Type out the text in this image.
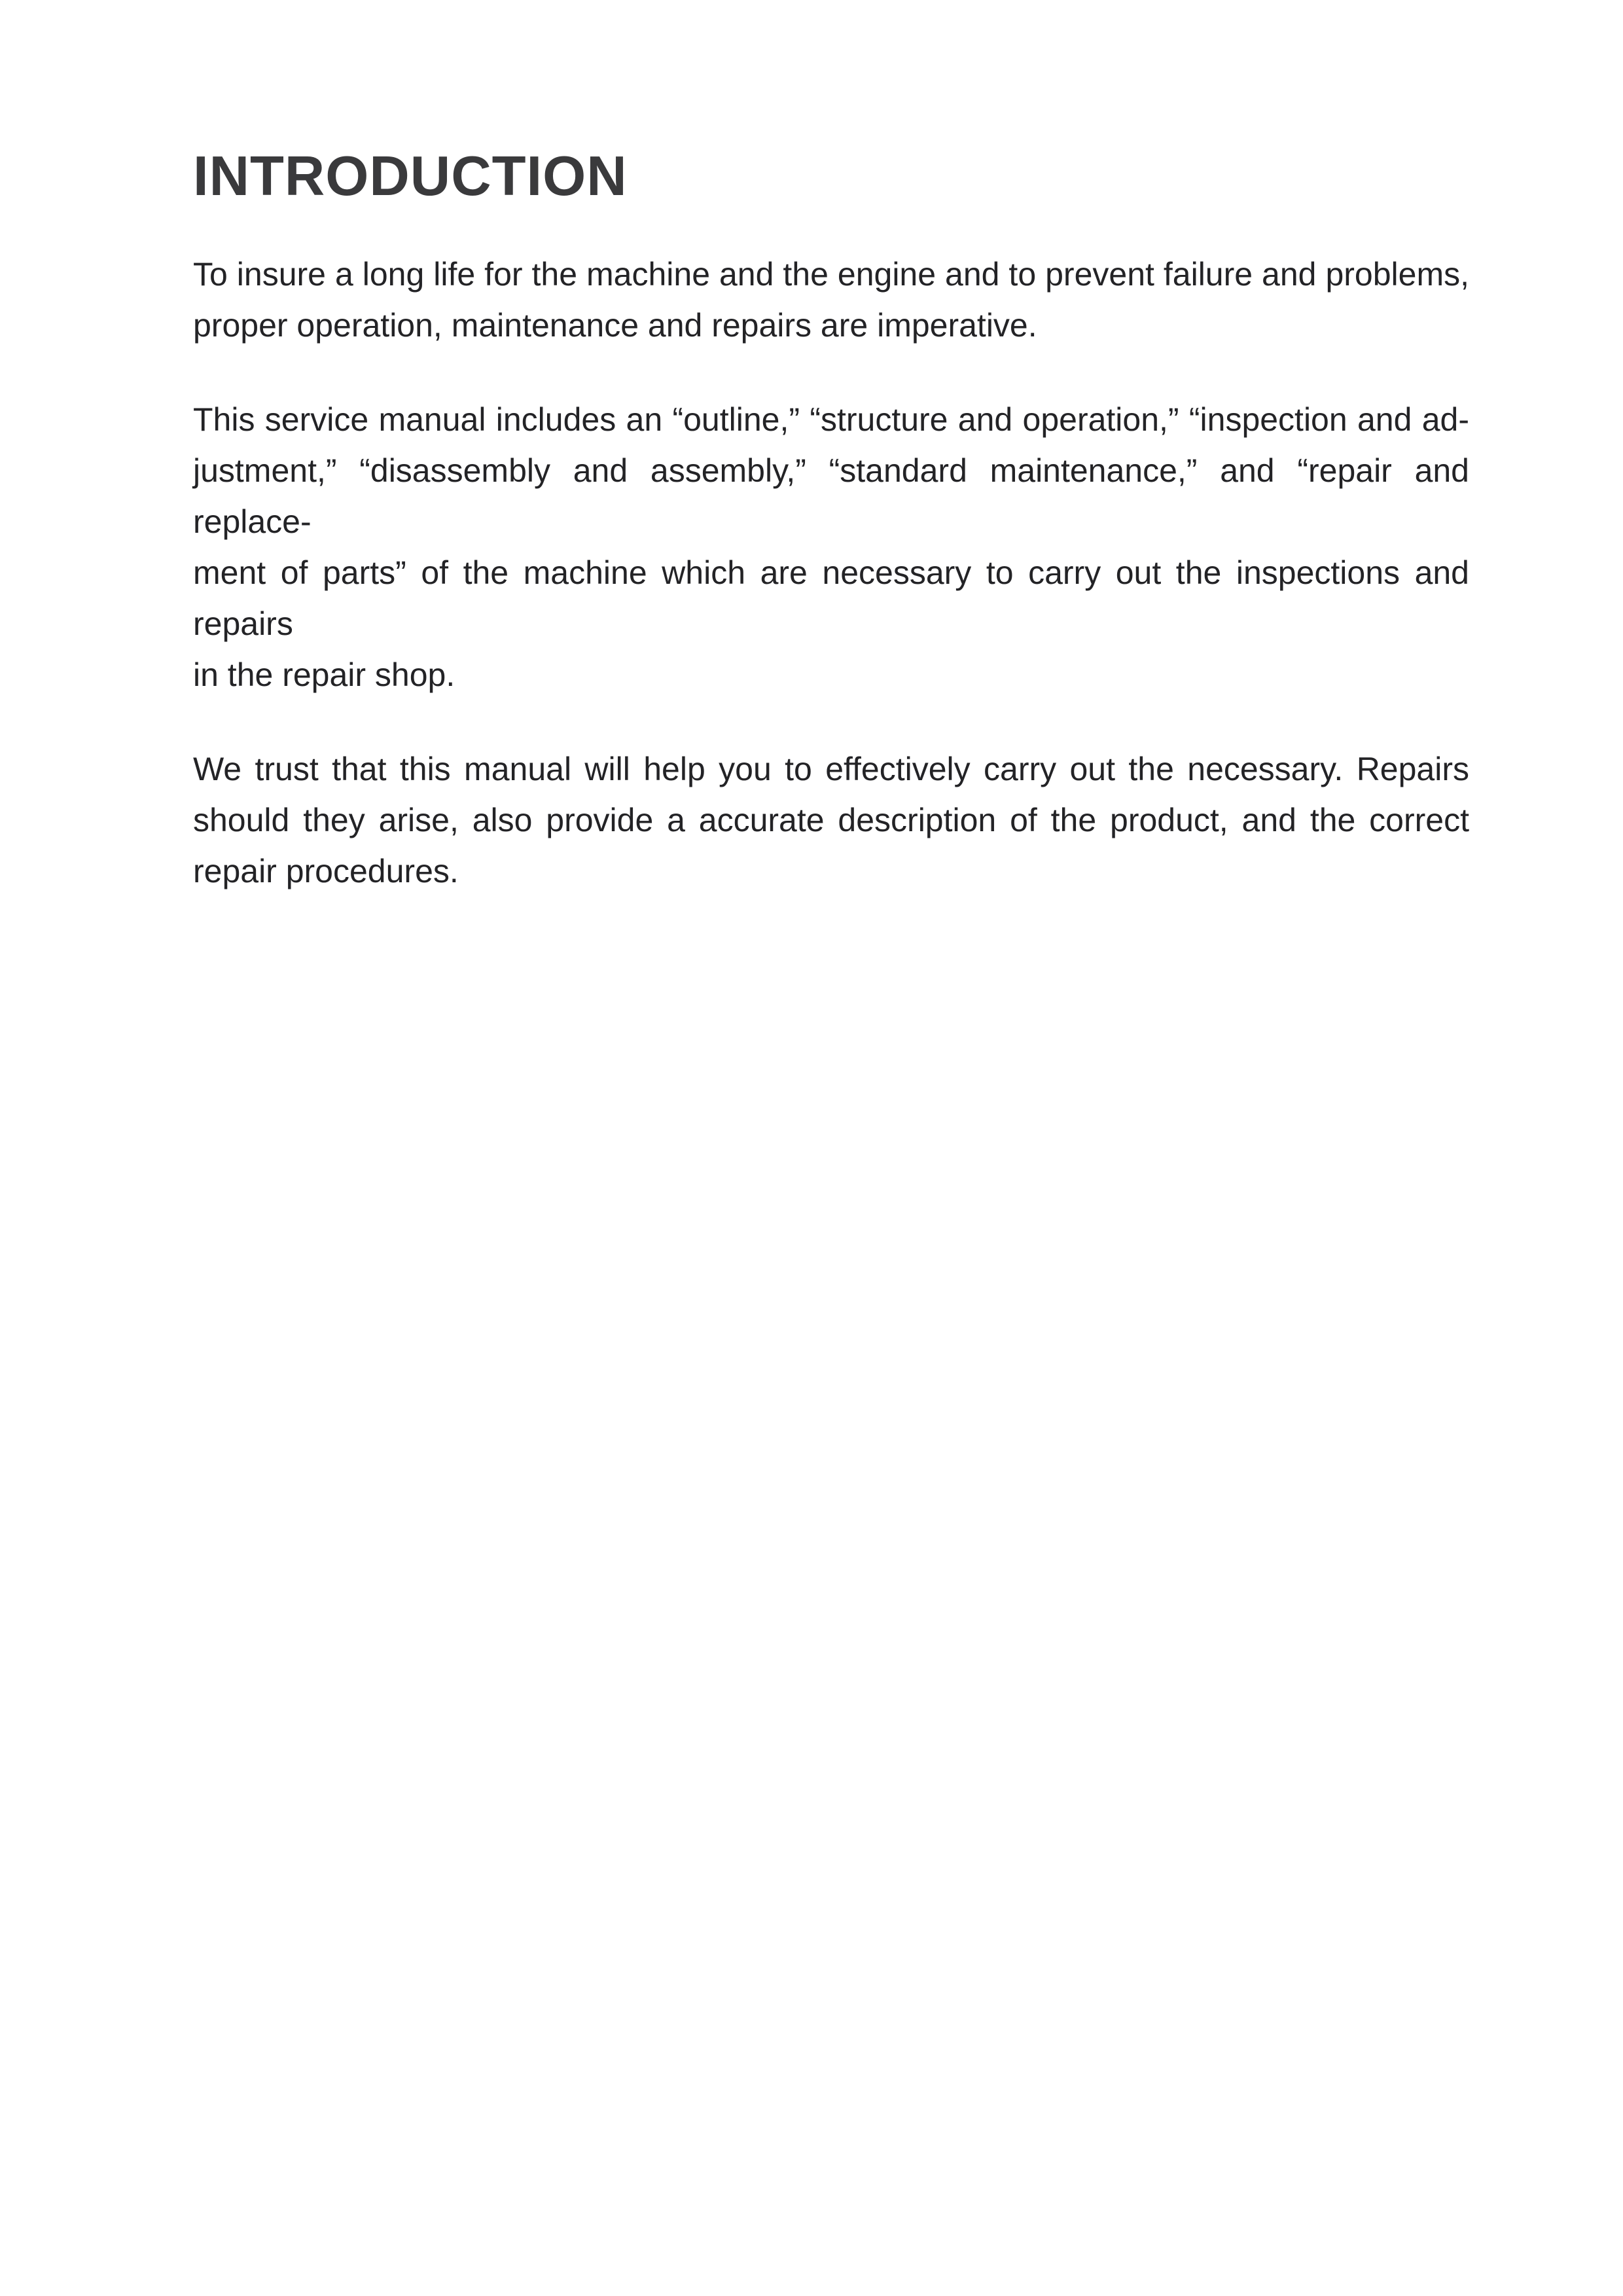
INTRODUCTION
To insure a long life for the machine and the engine and to prevent failure and problems,
proper operation, maintenance and repairs are imperative.
This service manual includes an “outline,” “structure and operation,” “inspection and ad-
justment,” “disassembly and assembly,” “standard maintenance,” and “repair and replace-
ment of parts” of the machine which are necessary to carry out the inspections and repairs
in the repair shop.
We trust that this manual will help you to effectively carry out the necessary. Repairs
should they arise, also provide a accurate description of the product, and the correct
repair procedures.
